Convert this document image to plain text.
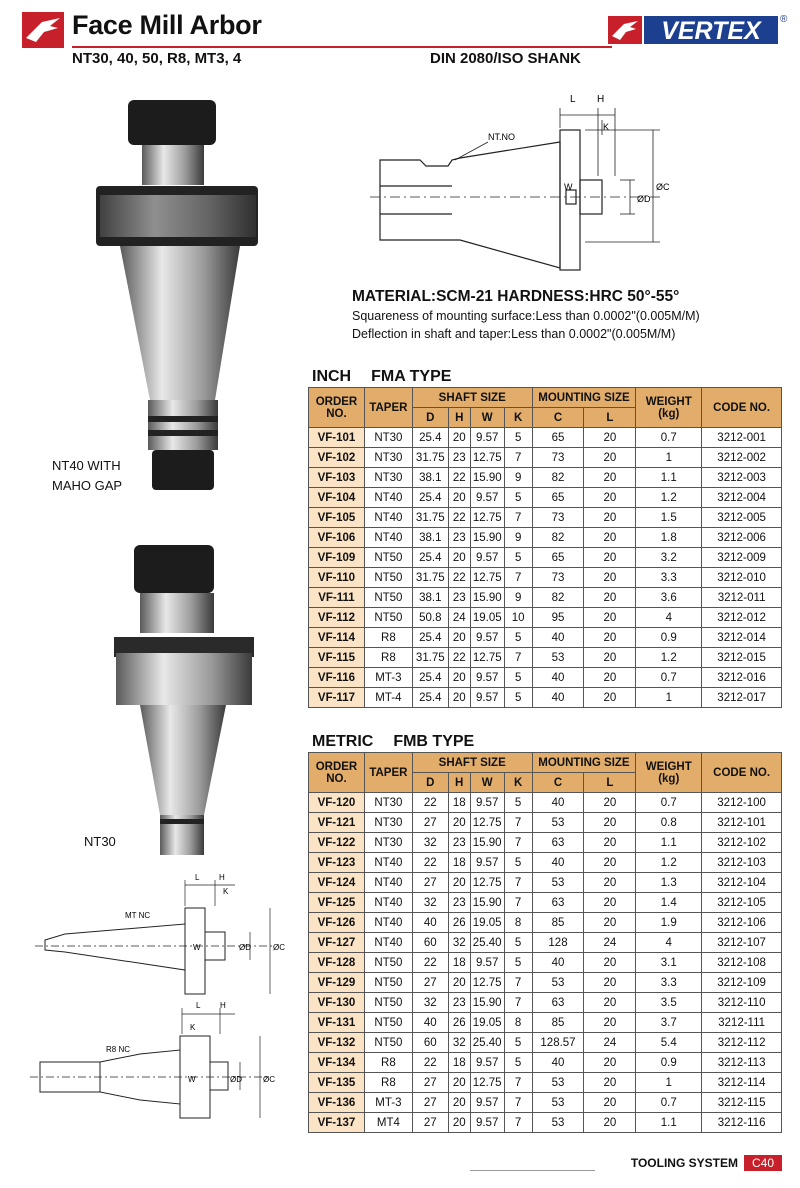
Face Mill Arbor
NT30, 40, 50, R8, MT3, 4	DIN 2080/ISO SHANK
VERTEX ®
L H
K
NT.NO
W
ØD
ØC
MATERIAL:SCM-21 HARDNESS:HRC 50°-55°
Squareness of mounting surface:Less than 0.0002"(0.005M/M)
Deflection in shaft and taper:Less than 0.0002"(0.005M/M)
NT40 WITH
MAHO GAP
NT30
L H
K
MT NC
W	ØD	ØC
L H
K
R8 NC
W	ØD	ØC
INCH FMA TYPE
ORDER NO.	TAPER	SHAFT SIZE				MOUNTING SIZE		WEIGHT (kg)	CODE NO.
		D	H	W	K	C	L		
VF-101	NT30	25.4	20	9.57	5	65	20	0.7	3212-001
VF-102	NT30	31.75	23	12.75	7	73	20	1	3212-002
VF-103	NT30	38.1	22	15.90	9	82	20	1.1	3212-003
VF-104	NT40	25.4	20	9.57	5	65	20	1.2	3212-004
VF-105	NT40	31.75	22	12.75	7	73	20	1.5	3212-005
VF-106	NT40	38.1	23	15.90	9	82	20	1.8	3212-006
VF-109	NT50	25.4	20	9.57	5	65	20	3.2	3212-009
VF-110	NT50	31.75	22	12.75	7	73	20	3.3	3212-010
VF-111	NT50	38.1	23	15.90	9	82	20	3.6	3212-011
VF-112	NT50	50.8	24	19.05	10	95	20	4	3212-012
VF-114	R8	25.4	20	9.57	5	40	20	0.9	3212-014
VF-115	R8	31.75	22	12.75	7	53	20	1.2	3212-015
VF-116	MT-3	25.4	20	9.57	5	40	20	0.7	3212-016
VF-117	MT-4	25.4	20	9.57	5	40	20	1	3212-017
METRIC FMB TYPE
ORDER NO.	TAPER	SHAFT SIZE				MOUNTING SIZE		WEIGHT (kg)	CODE NO.
		D	H	W	K	C	L		
VF-120	NT30	22	18	9.57	5	40	20	0.7	3212-100
VF-121	NT30	27	20	12.75	7	53	20	0.8	3212-101
VF-122	NT30	32	23	15.90	7	63	20	1.1	3212-102
VF-123	NT40	22	18	9.57	5	40	20	1.2	3212-103
VF-124	NT40	27	20	12.75	7	53	20	1.3	3212-104
VF-125	NT40	32	23	15.90	7	63	20	1.4	3212-105
VF-126	NT40	40	26	19.05	8	85	20	1.9	3212-106
VF-127	NT40	60	32	25.40	5	128	24	4	3212-107
VF-128	NT50	22	18	9.57	5	40	20	3.1	3212-108
VF-129	NT50	27	20	12.75	7	53	20	3.3	3212-109
VF-130	NT50	32	23	15.90	7	63	20	3.5	3212-110
VF-131	NT50	40	26	19.05	8	85	20	3.7	3212-111
VF-132	NT50	60	32	25.40	5	128.57	24	5.4	3212-112
VF-134	R8	22	18	9.57	5	40	20	0.9	3212-113
VF-135	R8	27	20	12.75	7	53	20	1	3212-114
VF-136	MT-3	27	20	9.57	7	53	20	0.7	3212-115
VF-137	MT4	27	20	9.57	7	53	20	1.1	3212-116
TOOLING SYSTEM C40
